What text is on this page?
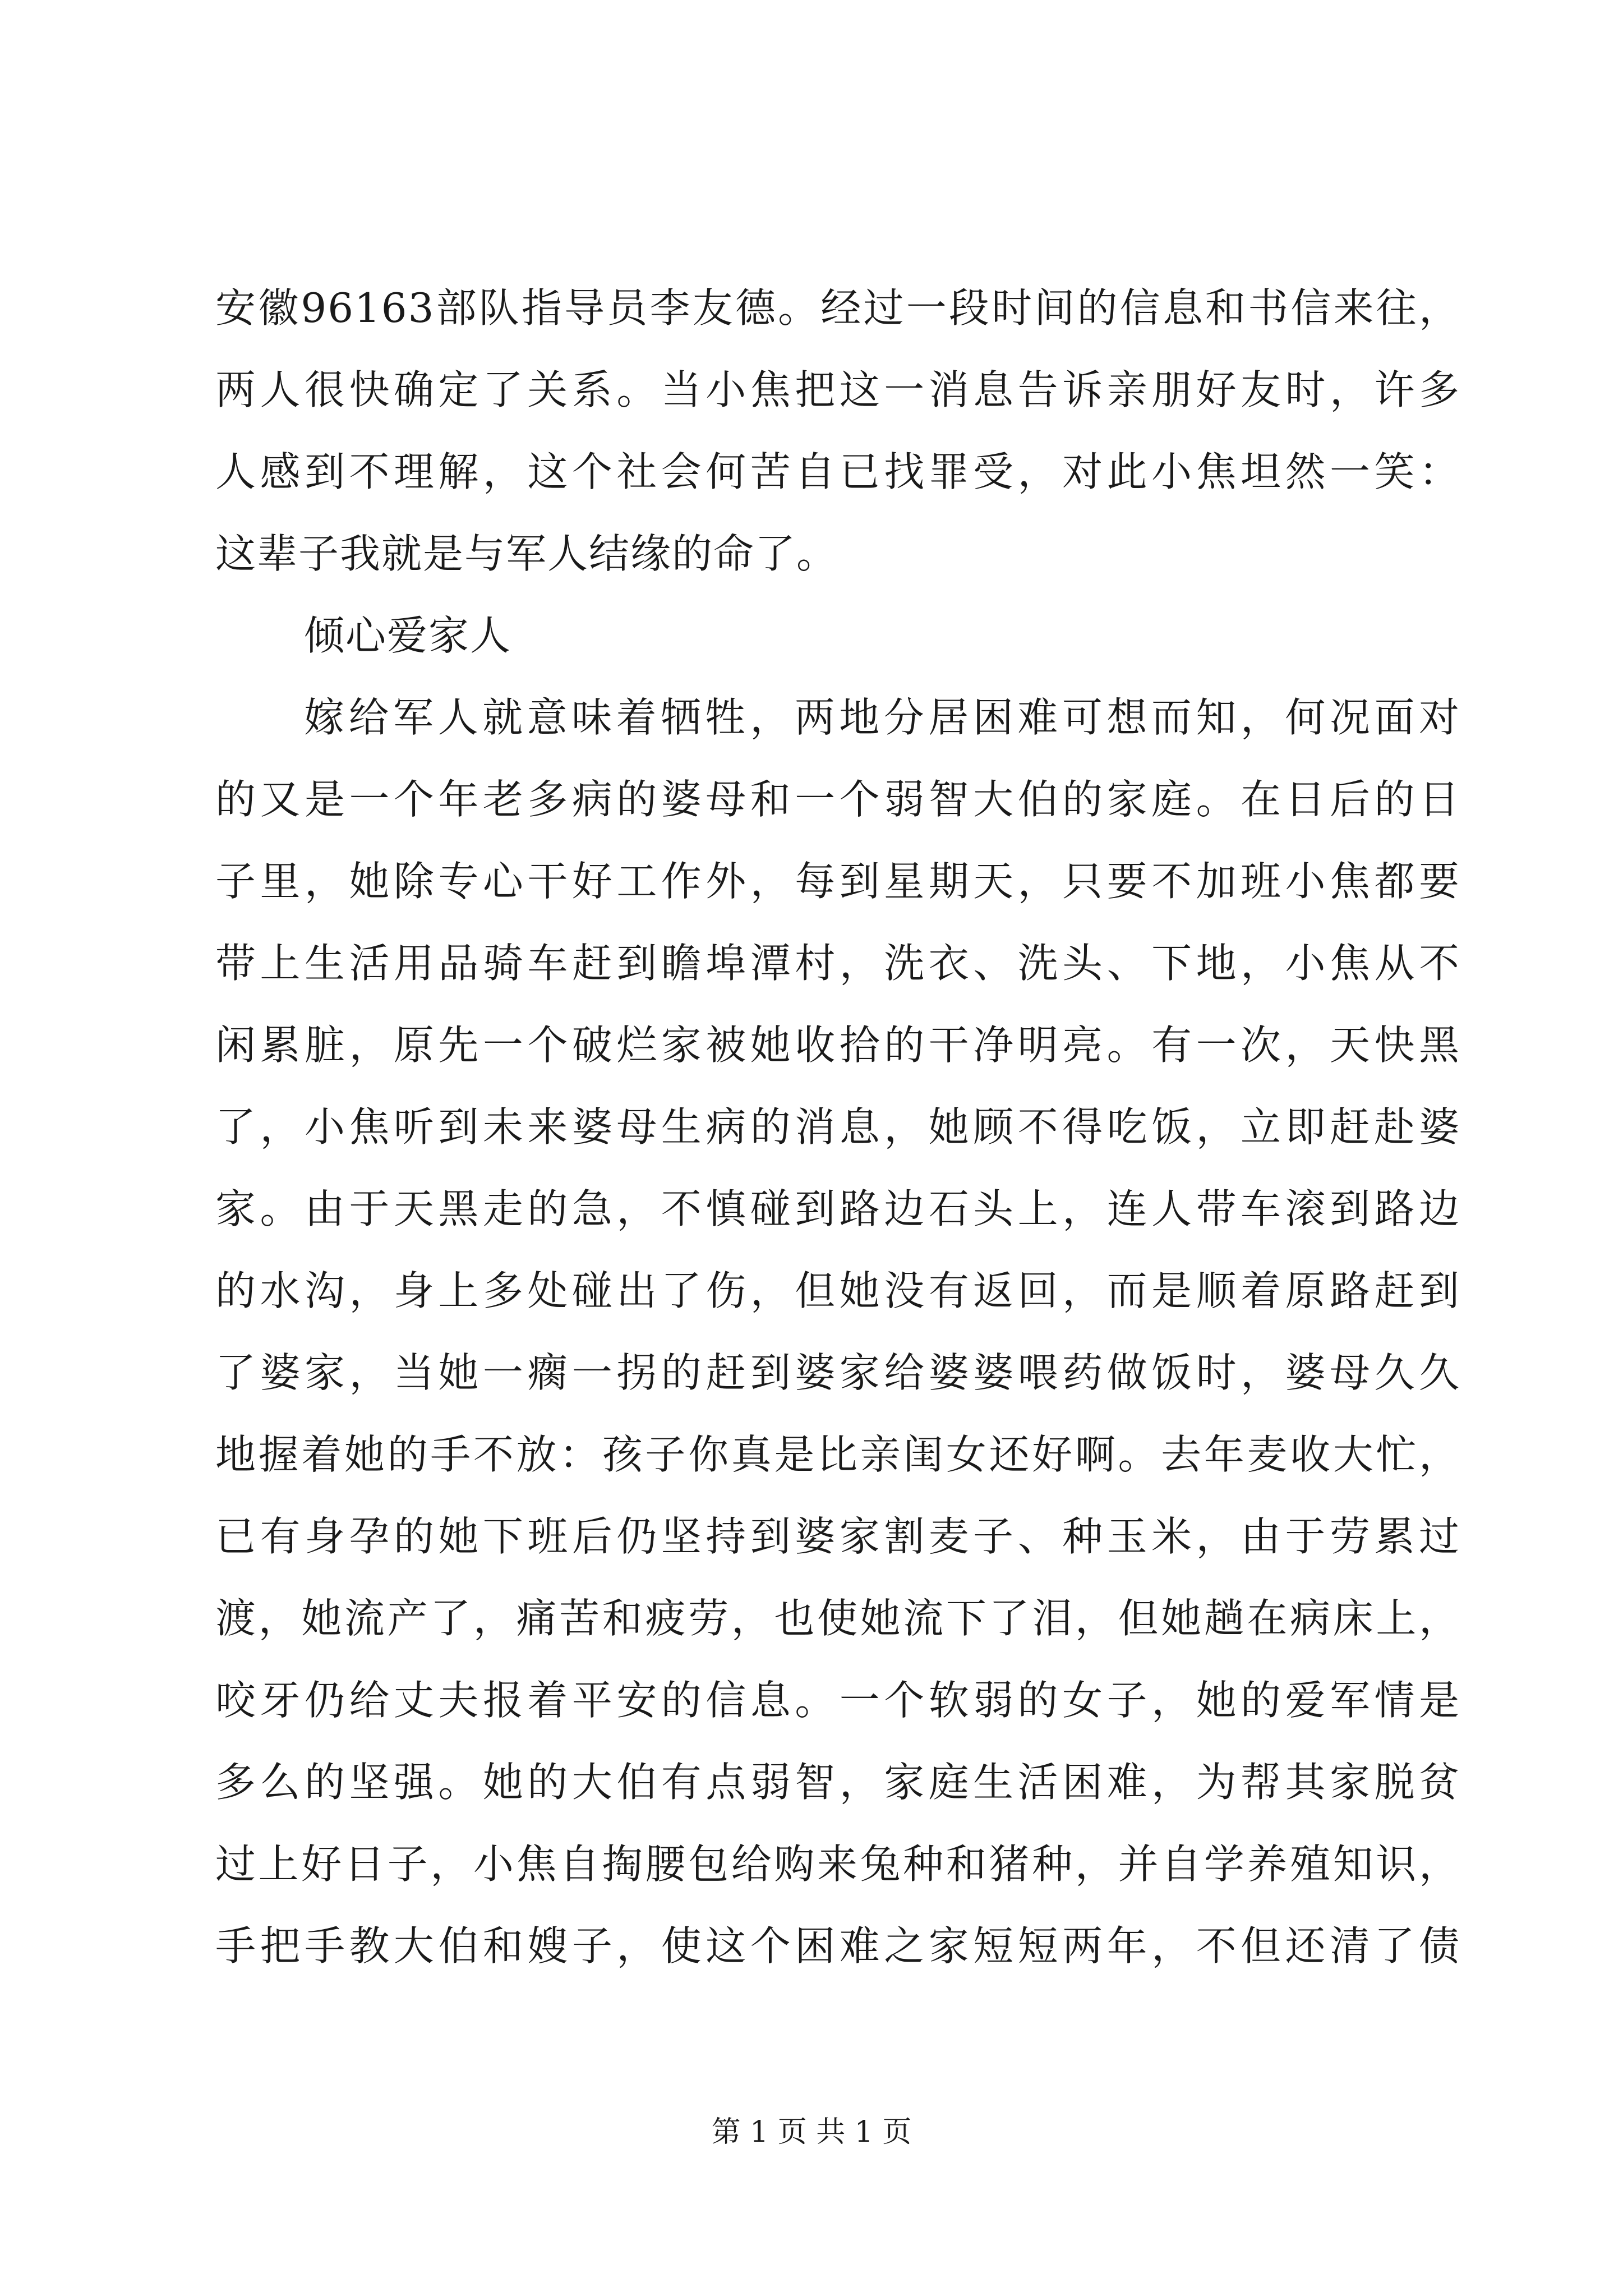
安徽96163部队指导员李友德。经过一段时间的信息和书信来往，
两人很快确定了关系。当小焦把这一消息告诉亲朋好友时，许多
人感到不理解，这个社会何苦自已找罪受，对此小焦坦然一笑：
这辈子我就是与军人结缘的命了。
倾心爱家人
嫁给军人就意味着牺牲，两地分居困难可想而知，何况面对
的又是一个年老多病的婆母和一个弱智大伯的家庭。在日后的日
子里，她除专心干好工作外，每到星期天，只要不加班小焦都要
带上生活用品骑车赶到瞻埠潭村，洗衣、洗头、下地，小焦从不
闲累脏，原先一个破烂家被她收拾的干净明亮。有一次，天快黑
了，小焦听到未来婆母生病的消息，她顾不得吃饭，立即赶赴婆
家。由于天黑走的急，不慎碰到路边石头上，连人带车滚到路边
的水沟，身上多处碰出了伤，但她没有返回，而是顺着原路赶到
了婆家，当她一瘸一拐的赶到婆家给婆婆喂药做饭时，婆母久久
地握着她的手不放：孩子你真是比亲闺女还好啊。去年麦收大忙，
已有身孕的她下班后仍坚持到婆家割麦子、种玉米，由于劳累过
渡，她流产了，痛苦和疲劳，也使她流下了泪，但她趟在病床上，
咬牙仍给丈夫报着平安的信息。一个软弱的女子，她的爱军情是
多么的坚强。她的大伯有点弱智，家庭生活困难，为帮其家脱贫
过上好日子，小焦自掏腰包给购来兔种和猪种，并自学养殖知识，
手把手教大伯和嫂子，使这个困难之家短短两年，不但还清了债
第 1 页 共 1 页
